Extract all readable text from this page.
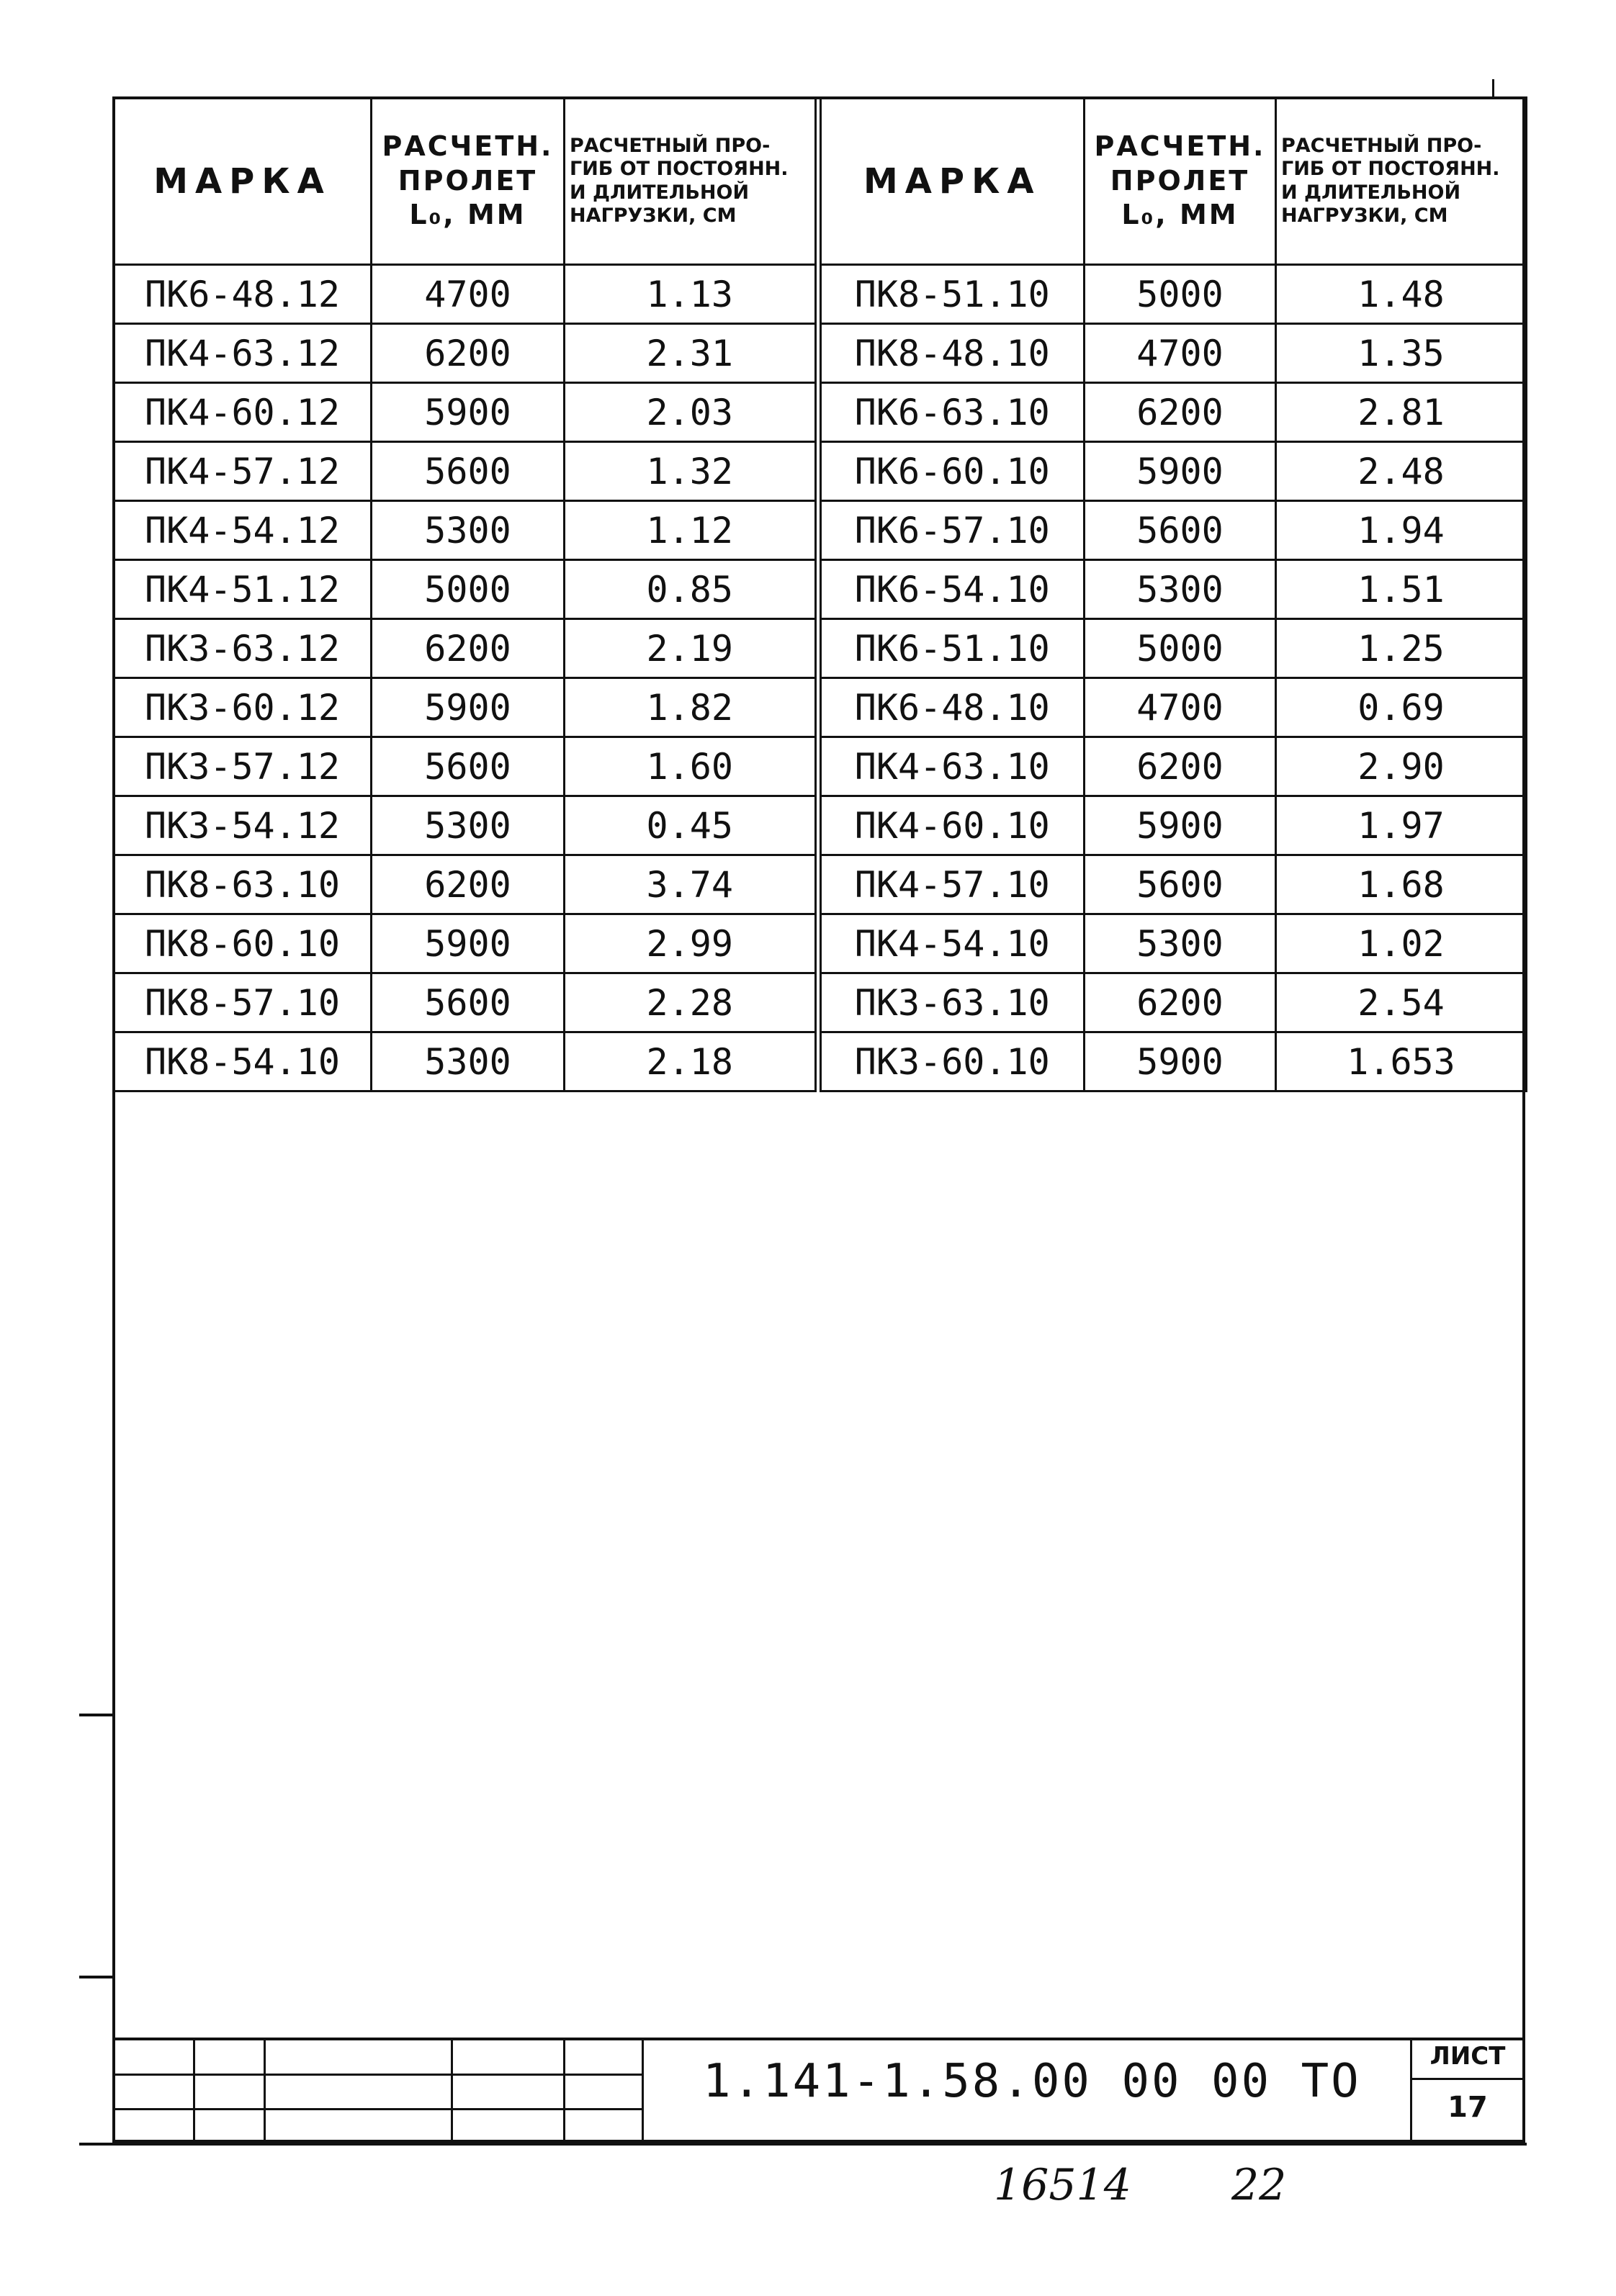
МАРКА	РАСЧЕТН.
ПРОЛЕТ
L₀, ММ	РАСЧЕТНЫЙ ПРО-
ГИБ ОТ ПОСТОЯНН.
И ДЛИТЕЛЬНОЙ
НАГРУЗКИ, СМ	МАРКА	РАСЧЕТН.
ПРОЛЕТ
L₀, ММ	РАСЧЕТНЫЙ ПРО-
ГИБ ОТ ПОСТОЯНН.
И ДЛИТЕЛЬНОЙ
НАГРУЗКИ, СМ

ПК6-48.12	4700	1.13	ПК8-51.10	5000	1.48
ПК4-63.12	6200	2.31	ПК8-48.10	4700	1.35
ПК4-60.12	5900	2.03	ПК6-63.10	6200	2.81
ПК4-57.12	5600	1.32	ПК6-60.10	5900	2.48
ПК4-54.12	5300	1.12	ПК6-57.10	5600	1.94
ПК4-51.12	5000	0.85	ПК6-54.10	5300	1.51
ПК3-63.12	6200	2.19	ПК6-51.10	5000	1.25
ПК3-60.12	5900	1.82	ПК6-48.10	4700	0.69
ПК3-57.12	5600	1.60	ПК4-63.10	6200	2.90
ПК3-54.12	5300	0.45	ПК4-60.10	5900	1.97
ПК8-63.10	6200	3.74	ПК4-57.10	5600	1.68
ПК8-60.10	5900	2.99	ПК4-54.10	5300	1.02
ПК8-57.10	5600	2.28	ПК3-63.10	6200	2.54
ПК8-54.10	5300	2.18	ПК3-60.10	5900	1.653
1.141-1.58.00 00 00 ТО	ЛИСТ
17
16514 22
